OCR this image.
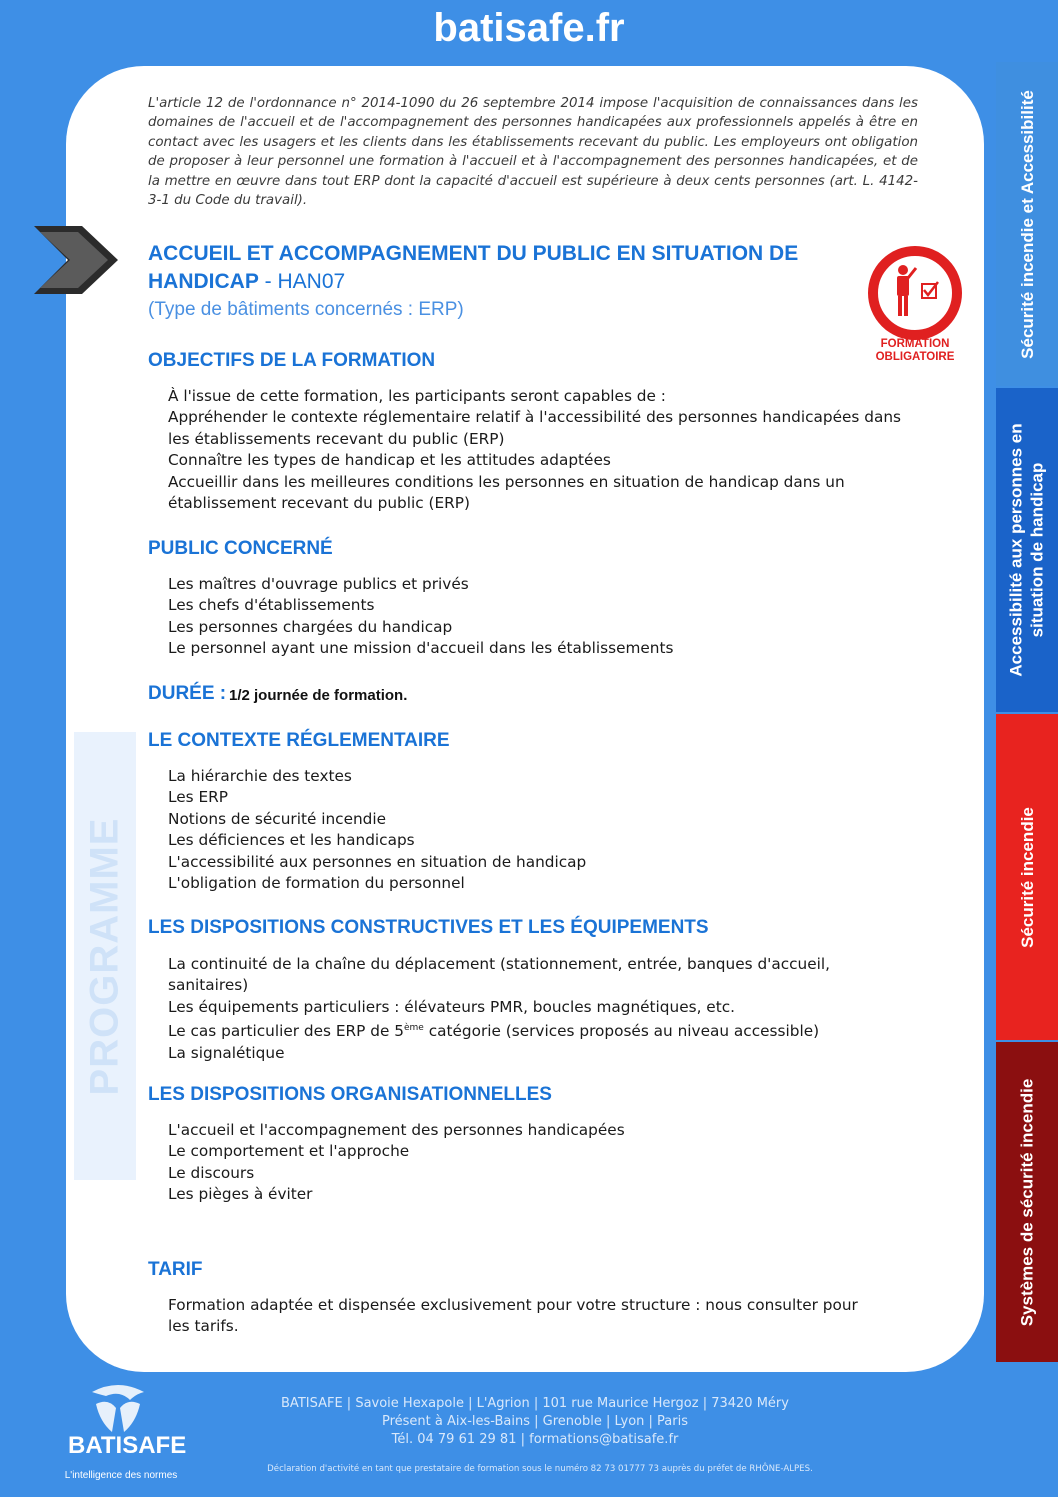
batisafe.fr
L'article 12 de l'ordonnance n° 2014-1090 du 26 septembre 2014 impose l'acquisition de connaissances dans les domaines de l'accueil et de l'accompagnement des personnes handicapées aux professionnels appelés à être en contact avec les usagers et les clients dans les établissements recevant du public. Les employeurs ont obligation de proposer à leur personnel une formation à l'accueil et à l'accompagnement des personnes handicapées, et de la mettre en œuvre dans tout ERP dont la capacité d'accueil est supérieure à deux cents personnes (art. L. 4142-3-1 du Code du travail).
ACCUEIL ET ACCOMPAGNEMENT DU PUBLIC EN SITUATION DE HANDICAP - HAN07
(Type de bâtiments concernés : ERP)
FORMATION
OBLIGATOIRE
OBJECTIFS DE LA FORMATION
À l'issue de cette formation, les participants seront capables de :
Appréhender le contexte réglementaire relatif à l'accessibilité des personnes handicapées dans les établissements recevant du public (ERP)
Connaître les types de handicap et les attitudes adaptées
Accueillir dans les meilleures conditions les personnes en situation de handicap dans un établissement recevant du public (ERP)
PUBLIC CONCERNÉ
Les maîtres d'ouvrage publics et privés
Les chefs d'établissements
Les personnes chargées du handicap
Le personnel ayant une mission d'accueil dans les établissements
DURÉE : 1/2 journée de formation.
PROGRAMME
LE CONTEXTE RÉGLEMENTAIRE
La hiérarchie des textes
Les ERP
Notions de sécurité incendie
Les déficiences et les handicaps
L'accessibilité aux personnes en situation de handicap
L'obligation de formation du personnel
LES DISPOSITIONS CONSTRUCTIVES ET LES ÉQUIPEMENTS
La continuité de la chaîne du déplacement (stationnement, entrée, banques d'accueil, sanitaires)
Les équipements particuliers : élévateurs PMR, boucles magnétiques, etc.
Le cas particulier des ERP de 5ème catégorie (services proposés au niveau accessible)
La signalétique
LES DISPOSITIONS ORGANISATIONNELLES
L'accueil et l'accompagnement des personnes handicapées
Le comportement et l'approche
Le discours
Les pièges à éviter
TARIF
Formation adaptée et dispensée exclusivement pour votre structure : nous consulter pour les tarifs.
Sécurité incendie et Accessibilité
Accessibilité aux personnes en situation de handicap
Sécurité incendie
Systèmes de sécurité incendie
BATISAFE
L'intelligence des normes
BATISAFE | Savoie Hexapole | L'Agrion | 101 rue Maurice Hergoz | 73420 Méry
Présent à Aix-les-Bains | Grenoble | Lyon | Paris
Tél. 04 79 61 29 81 | formations@batisafe.fr
Déclaration d'activité en tant que prestataire de formation sous le numéro 82 73 01777 73 auprès du préfet de RHÔNE-ALPES.
